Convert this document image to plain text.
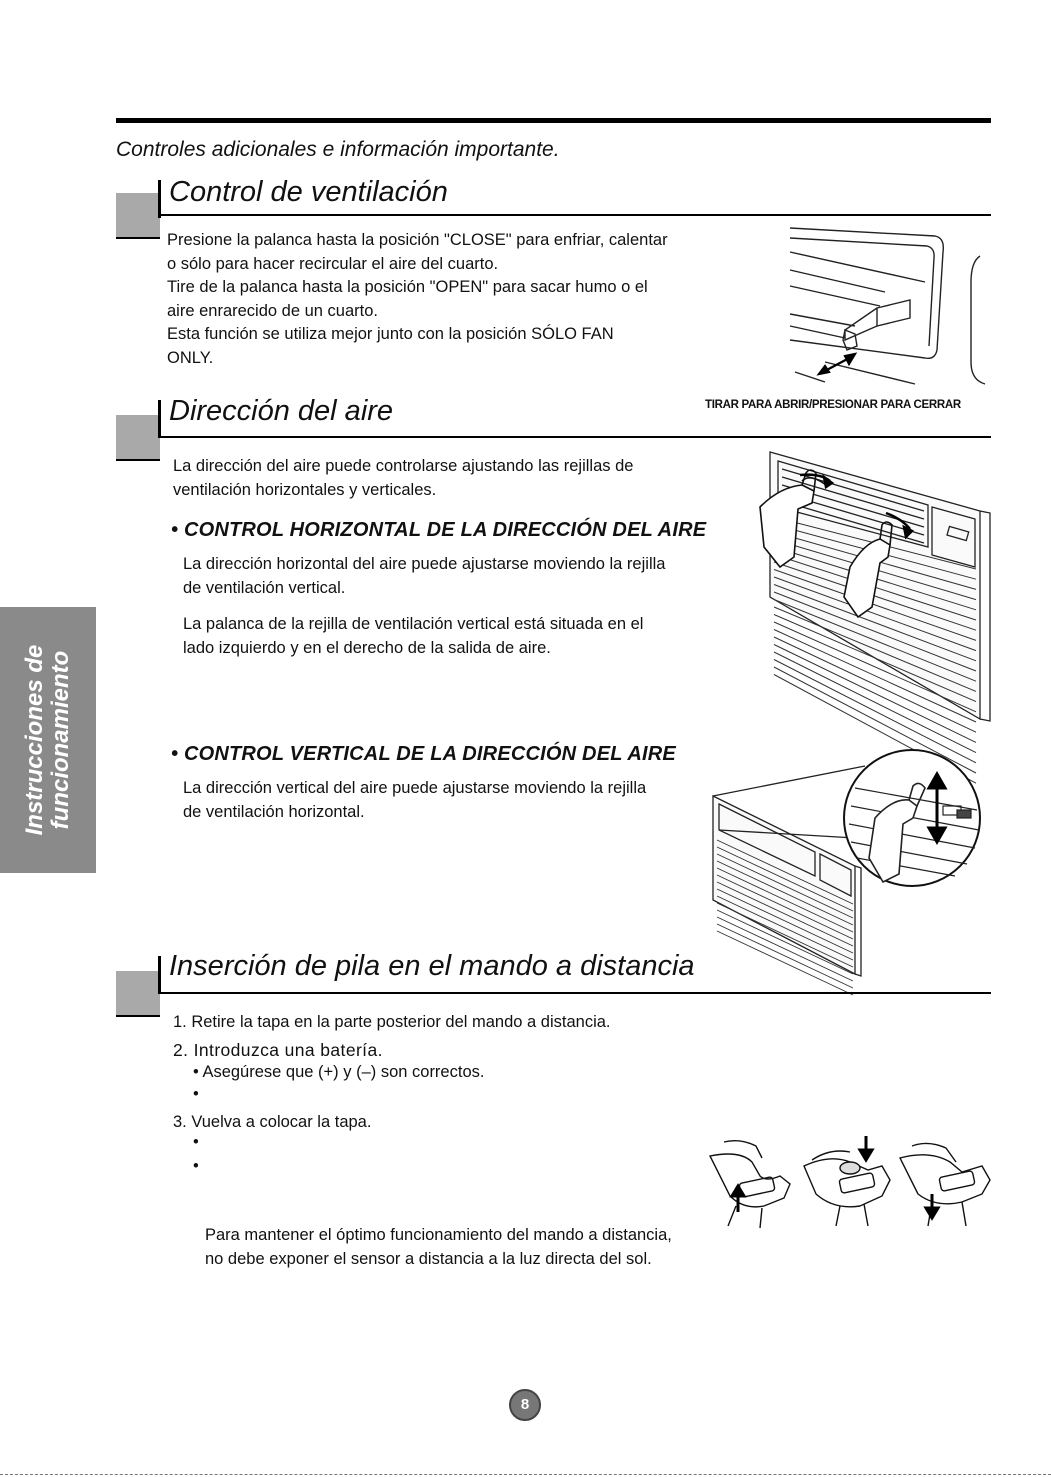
Controles adicionales e información importante.
Instrucciones de funcionamiento
Control de ventilación
Presione la palanca hasta la posición "CLOSE" para enfriar, calentar
o sólo para hacer recircular el aire del cuarto.
Tire de la palanca hasta la posición "OPEN" para sacar humo o el
aire enrarecido de un cuarto.
Esta función se utiliza mejor junto con la posición SÓLO FAN
ONLY.
TIRAR PARA ABRIR/PRESIONAR PARA CERRAR
Dirección del aire
La dirección del aire puede controlarse ajustando las rejillas de
ventilación horizontales y verticales.
• CONTROL HORIZONTAL DE LA DIRECCIÓN DEL AIRE
La dirección horizontal del aire puede ajustarse moviendo la rejilla
de ventilación vertical.
La palanca de la rejilla de ventilación vertical está situada en el
lado izquierdo y en el derecho de la salida de aire.
• CONTROL VERTICAL DE LA DIRECCIÓN DEL AIRE
La dirección vertical del aire puede ajustarse moviendo la rejilla
de ventilación horizontal.
Inserción de pila en el mando a distancia
1. Retire la tapa en la parte posterior del mando a distancia.
2. Introduzca una batería.
• Asegúrese que (+) y (–) son correctos.
•
3. Vuelva a colocar la tapa.
•
•
Para mantener el óptimo funcionamiento del mando a distancia,
no debe exponer el sensor a distancia a la luz directa del sol.
8
